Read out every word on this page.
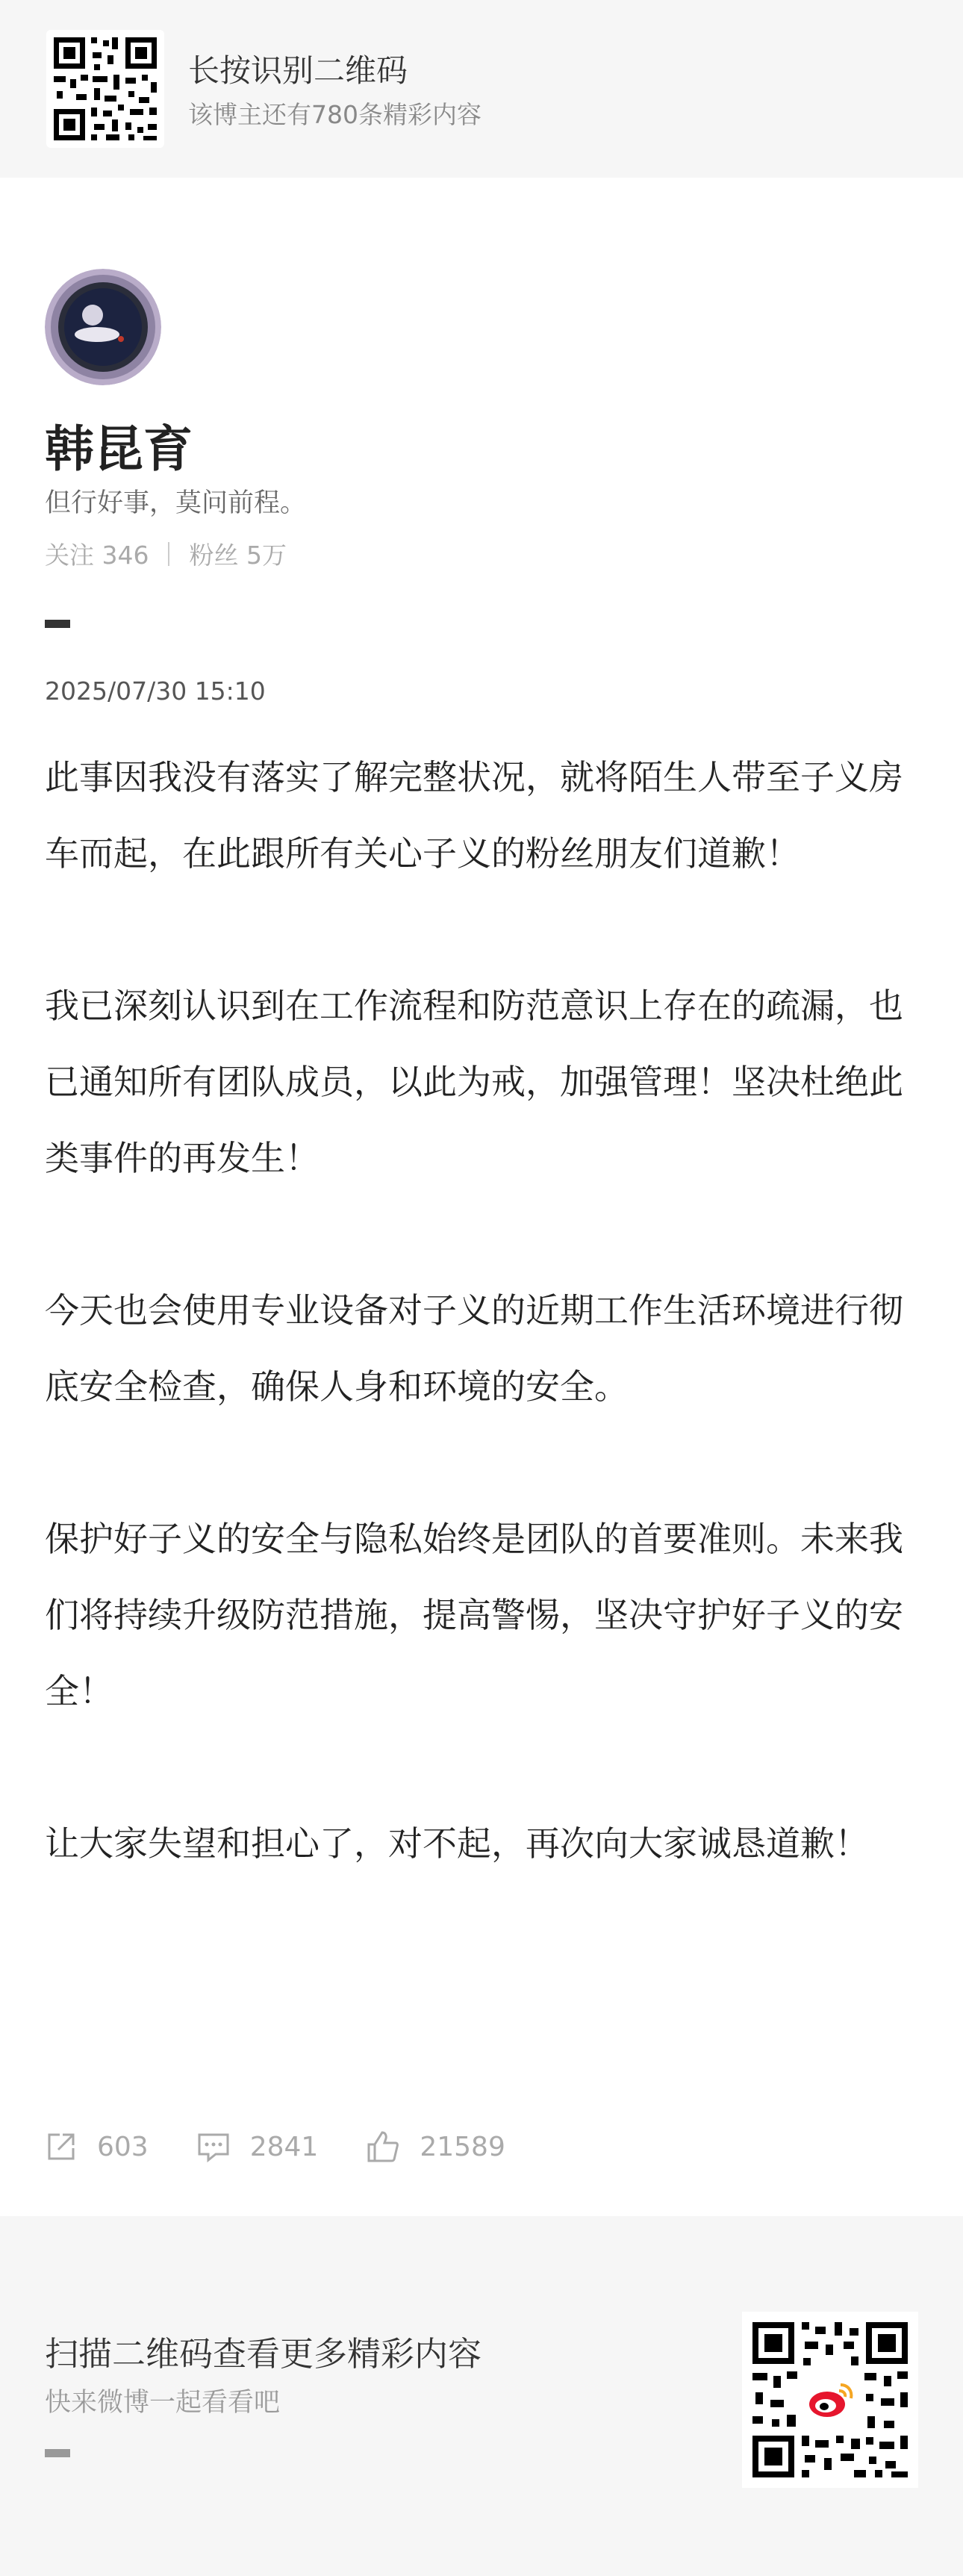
长按识别二维码
该博主还有780条精彩内容
韩昆育
但行好事，莫问前程。
关注 346 粉丝 5万
2025/07/30 15:10

此事因我没有落实了解完整状况，就将陌生人带至子义房车而起，在此跟所有关心子义的粉丝朋友们道歉！

我已深刻认识到在工作流程和防范意识上存在的疏漏，也已通知所有团队成员，以此为戒，加强管理！坚决杜绝此类事件的再发生！

今天也会使用专业设备对子义的近期工作生活环境进行彻底安全检查，确保人身和环境的安全。

保护好子义的安全与隐私始终是团队的首要准则。未来我们将持续升级防范措施，提高警惕，坚决守护好子义的安全！

让大家失望和担心了，对不起，再次向大家诚恳道歉！

603	2841	21589
扫描二维码查看更多精彩内容
快来微博一起看看吧
